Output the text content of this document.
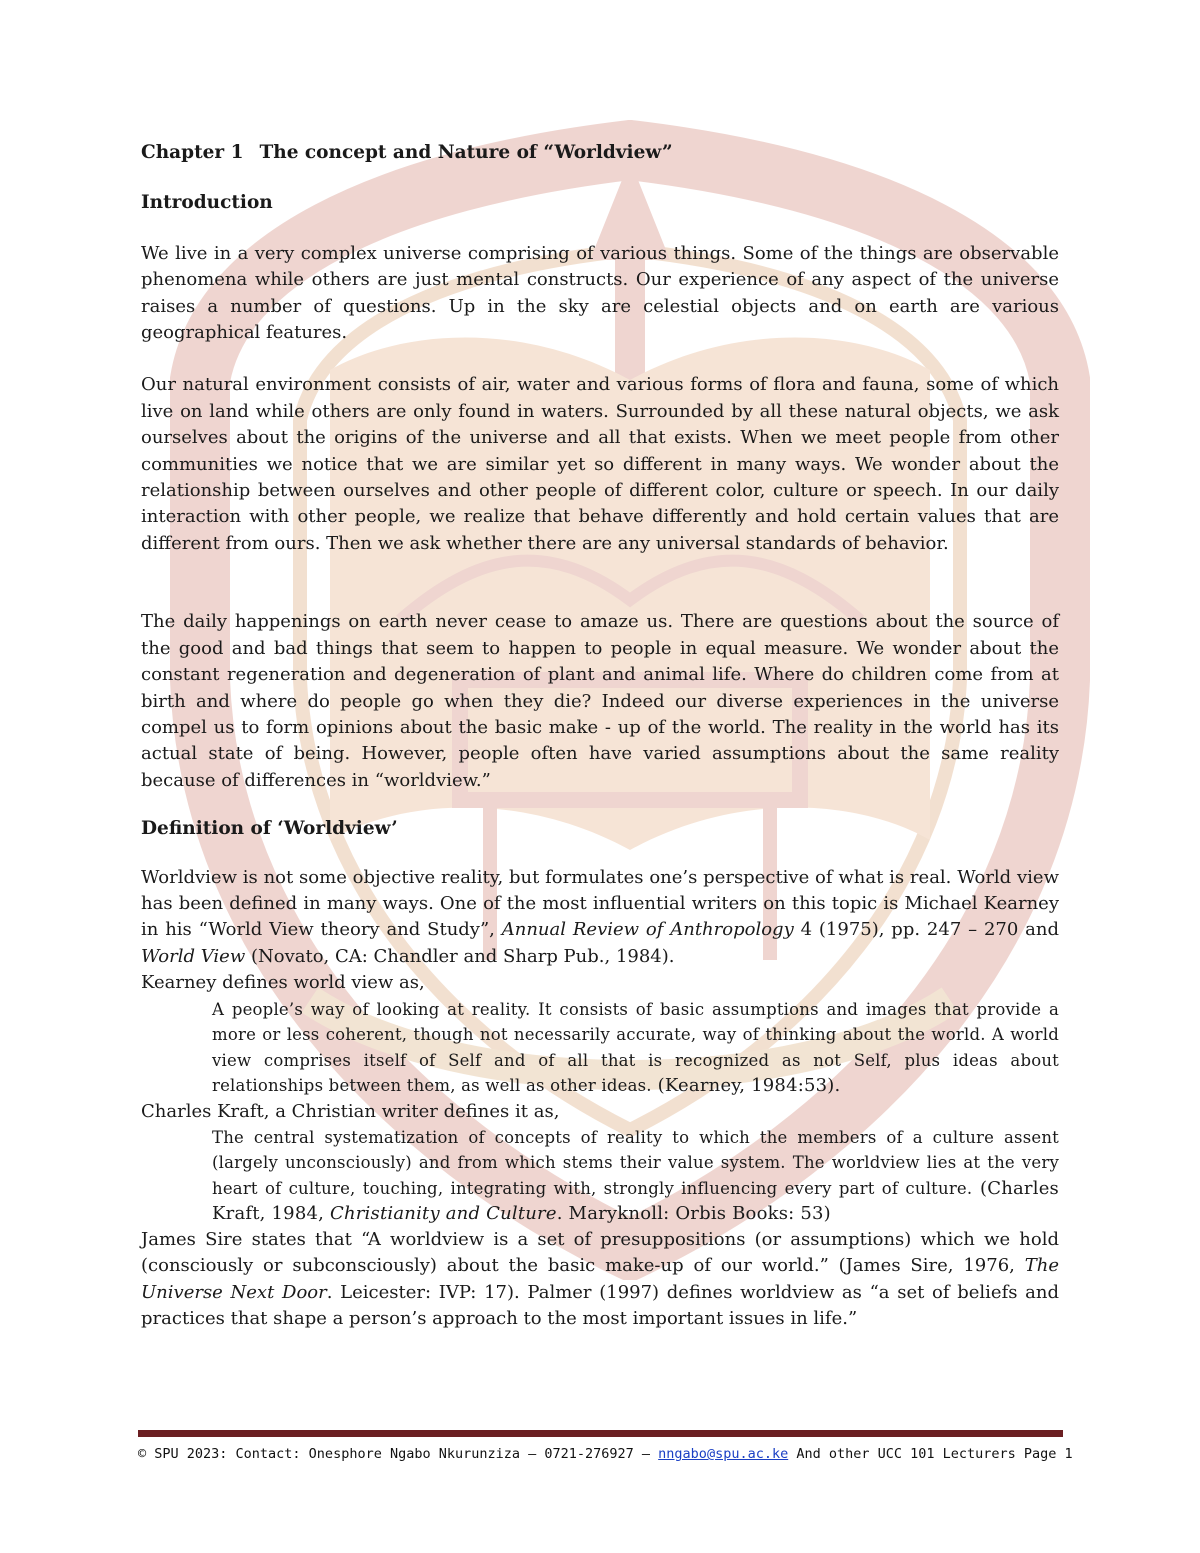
Chapter 1 The concept and Nature of “Worldview”

Introduction

We live in a very complex universe comprising of various things. Some of the things are observable phenomena while others are just mental constructs. Our experience of any aspect of the universe raises a number of questions. Up in the sky are celestial objects and on earth are various geographical features.

Our natural environment consists of air, water and various forms of flora and fauna, some of which live on land while others are only found in waters. Surrounded by all these natural objects, we ask ourselves about the origins of the universe and all that exists. When we meet people from other communities we notice that we are similar yet so different in many ways. We wonder about the relationship between ourselves and other people of different color, culture or speech. In our daily interaction with other people, we realize that behave differently and hold certain values that are different from ours. Then we ask whether there are any universal standards of behavior.

The daily happenings on earth never cease to amaze us. There are questions about the source of the good and bad things that seem to happen to people in equal measure. We wonder about the constant regeneration and degeneration of plant and animal life. Where do children come from at birth and where do people go when they die? Indeed our diverse experiences in the universe compel us to form opinions about the basic make - up of the world. The reality in the world has its actual state of being. However, people often have varied assumptions about the same reality because of differences in “worldview.”

Definition of ‘Worldview’

Worldview is not some objective reality, but formulates one’s perspective of what is real. World view has been defined in many ways. One of the most influential writers on this topic is Michael Kearney in his “World View theory and Study”, Annual Review of Anthropology 4 (1975), pp. 247 – 270 and World View (Novato, CA: Chandler and Sharp Pub., 1984).

Kearney defines world view as,

A people’s way of looking at reality. It consists of basic assumptions and images that provide a more or less coherent, though not necessarily accurate, way of thinking about the world. A world view comprises itself of Self and of all that is recognized as not Self, plus ideas about relationships between them, as well as other ideas. (Kearney, 1984:53).

Charles Kraft, a Christian writer defines it as,

The central systematization of concepts of reality to which the members of a culture assent (largely unconsciously) and from which stems their value system. The worldview lies at the very heart of culture, touching, integrating with, strongly influencing every part of culture. (Charles Kraft, 1984, Christianity and Culture. Maryknoll: Orbis Books: 53)

James Sire states that “A worldview is a set of presuppositions (or assumptions) which we hold (consciously or subconsciously) about the basic make-up of our world.” (James Sire, 1976, The Universe Next Door. Leicester: IVP: 17). Palmer (1997) defines worldview as “a set of beliefs and practices that shape a person’s approach to the most important issues in life.”

© SPU 2023: Contact: Onesphore Ngabo Nkurunziza – 0721-276927 – nngabo@spu.ac.ke And other UCC 101 Lecturers Page 1
